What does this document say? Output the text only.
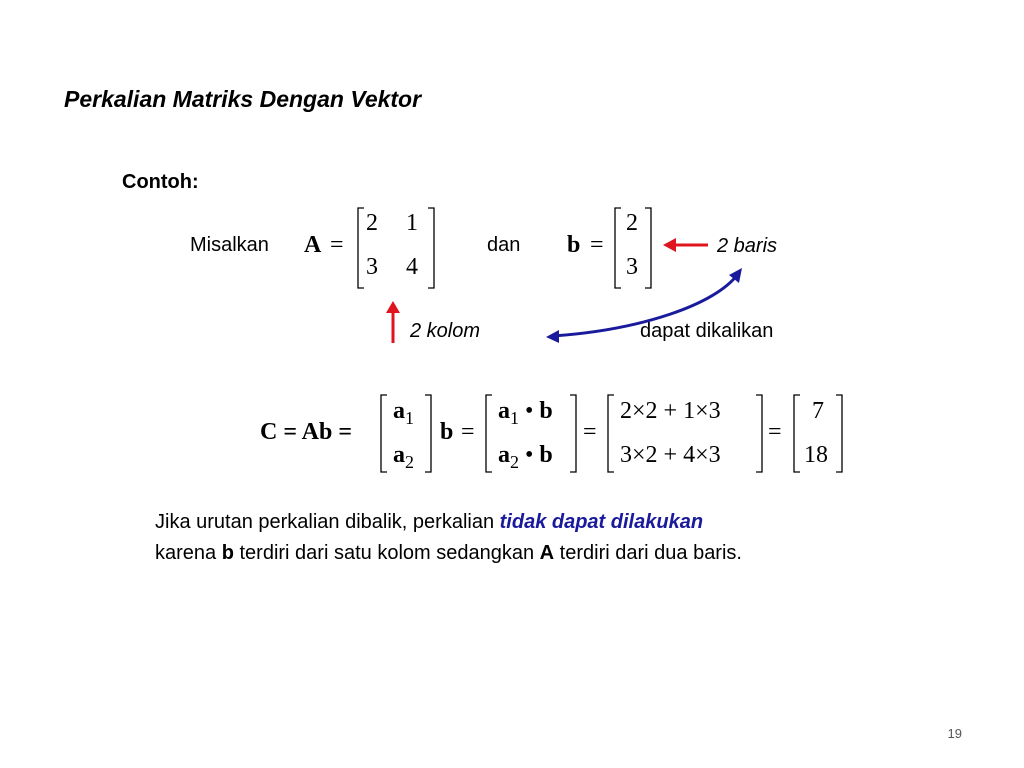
Perkalian Matriks Dengan Vektor
Contoh:
Misalkan A =
2 1
3 4
dan b =
2
3
2 baris
2 kolom	dapat dikalikan
C = Ab =
$a_1$
$a_2$
b =
$a_1$ • b
$a_2$ • b
=
2×2 + 1×3
3×2 + 4×3
=
7
18
Jika urutan perkalian dibalik, perkalian tidak dapat dilakukan
karena b terdiri dari satu kolom sedangkan A terdiri dari dua baris.
19
